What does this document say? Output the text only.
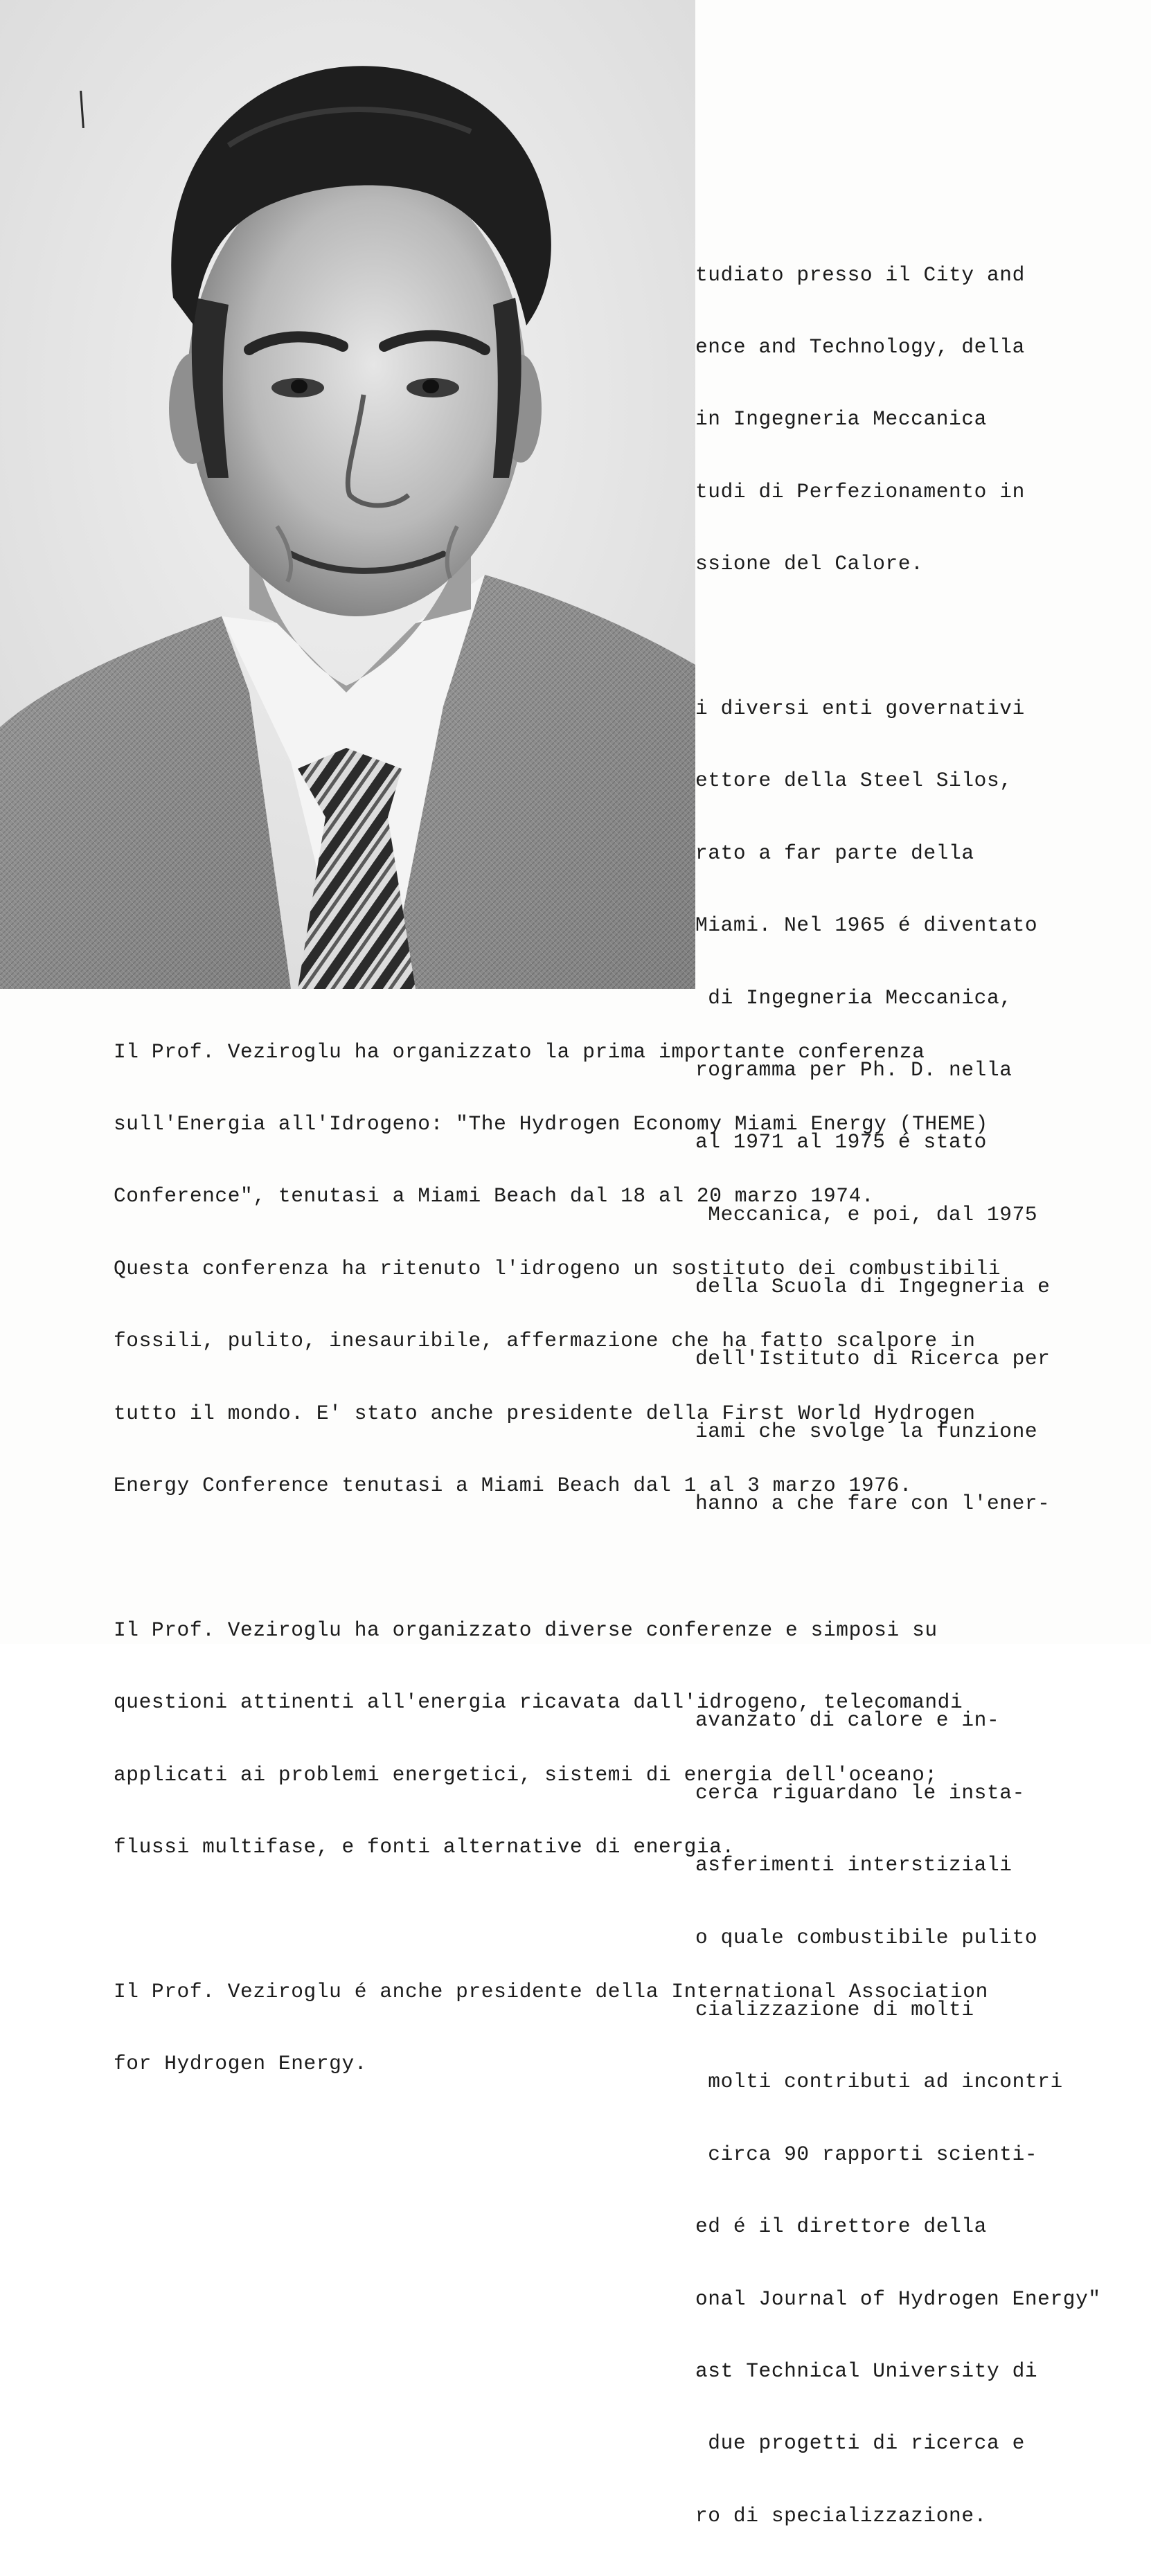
tudiato presso il City and

ence and Technology, della

in Ingegneria Meccanica

tudi di Perfezionamento in

ssione del Calore.

i diversi enti governativi

ettore della Steel Silos,

rato a far parte della

Miami. Nel 1965 é diventato

di Ingegneria Meccanica,

rogramma per Ph. D. nella

al 1971 al 1975 é stato

Meccanica, e poi, dal 1975

della Scuola di Ingegneria e

dell'Istituto di Ricerca per

iami che svolge la funzione

hanno a che fare con l'ener-

avanzato di calore e in-

cerca riguardano le insta-

asferimenti interstiziali

o quale combustibile pulito

cializzazione di molti

molti contributi ad incontri

circa 90 rapporti scienti-

ed é il direttore della

onal Journal of Hydrogen Energy"

ast Technical University di

due progetti di ricerca e

ro di specializzazione.

Il Prof. Veziroglu ha organizzato la prima importante conferenza

sull'Energia all'Idrogeno: "The Hydrogen Economy Miami Energy (THEME)

Conference", tenutasi a Miami Beach dal 18 al 20 marzo 1974.

Questa conferenza ha ritenuto l'idrogeno un sostituto dei combustibili

fossili, pulito, inesauribile, affermazione che ha fatto scalpore in

tutto il mondo. E' stato anche presidente della First World Hydrogen

Energy Conference tenutasi a Miami Beach dal 1 al 3 marzo 1976.

Il Prof. Veziroglu ha organizzato diverse conferenze e simposi su

questioni attinenti all'energia ricavata dall'idrogeno, telecomandi

applicati ai problemi energetici, sistemi di energia dell'oceano;

flussi multifase, e fonti alternative di energia.

Il Prof. Veziroglu é anche presidente della International Association

for Hydrogen Energy.
